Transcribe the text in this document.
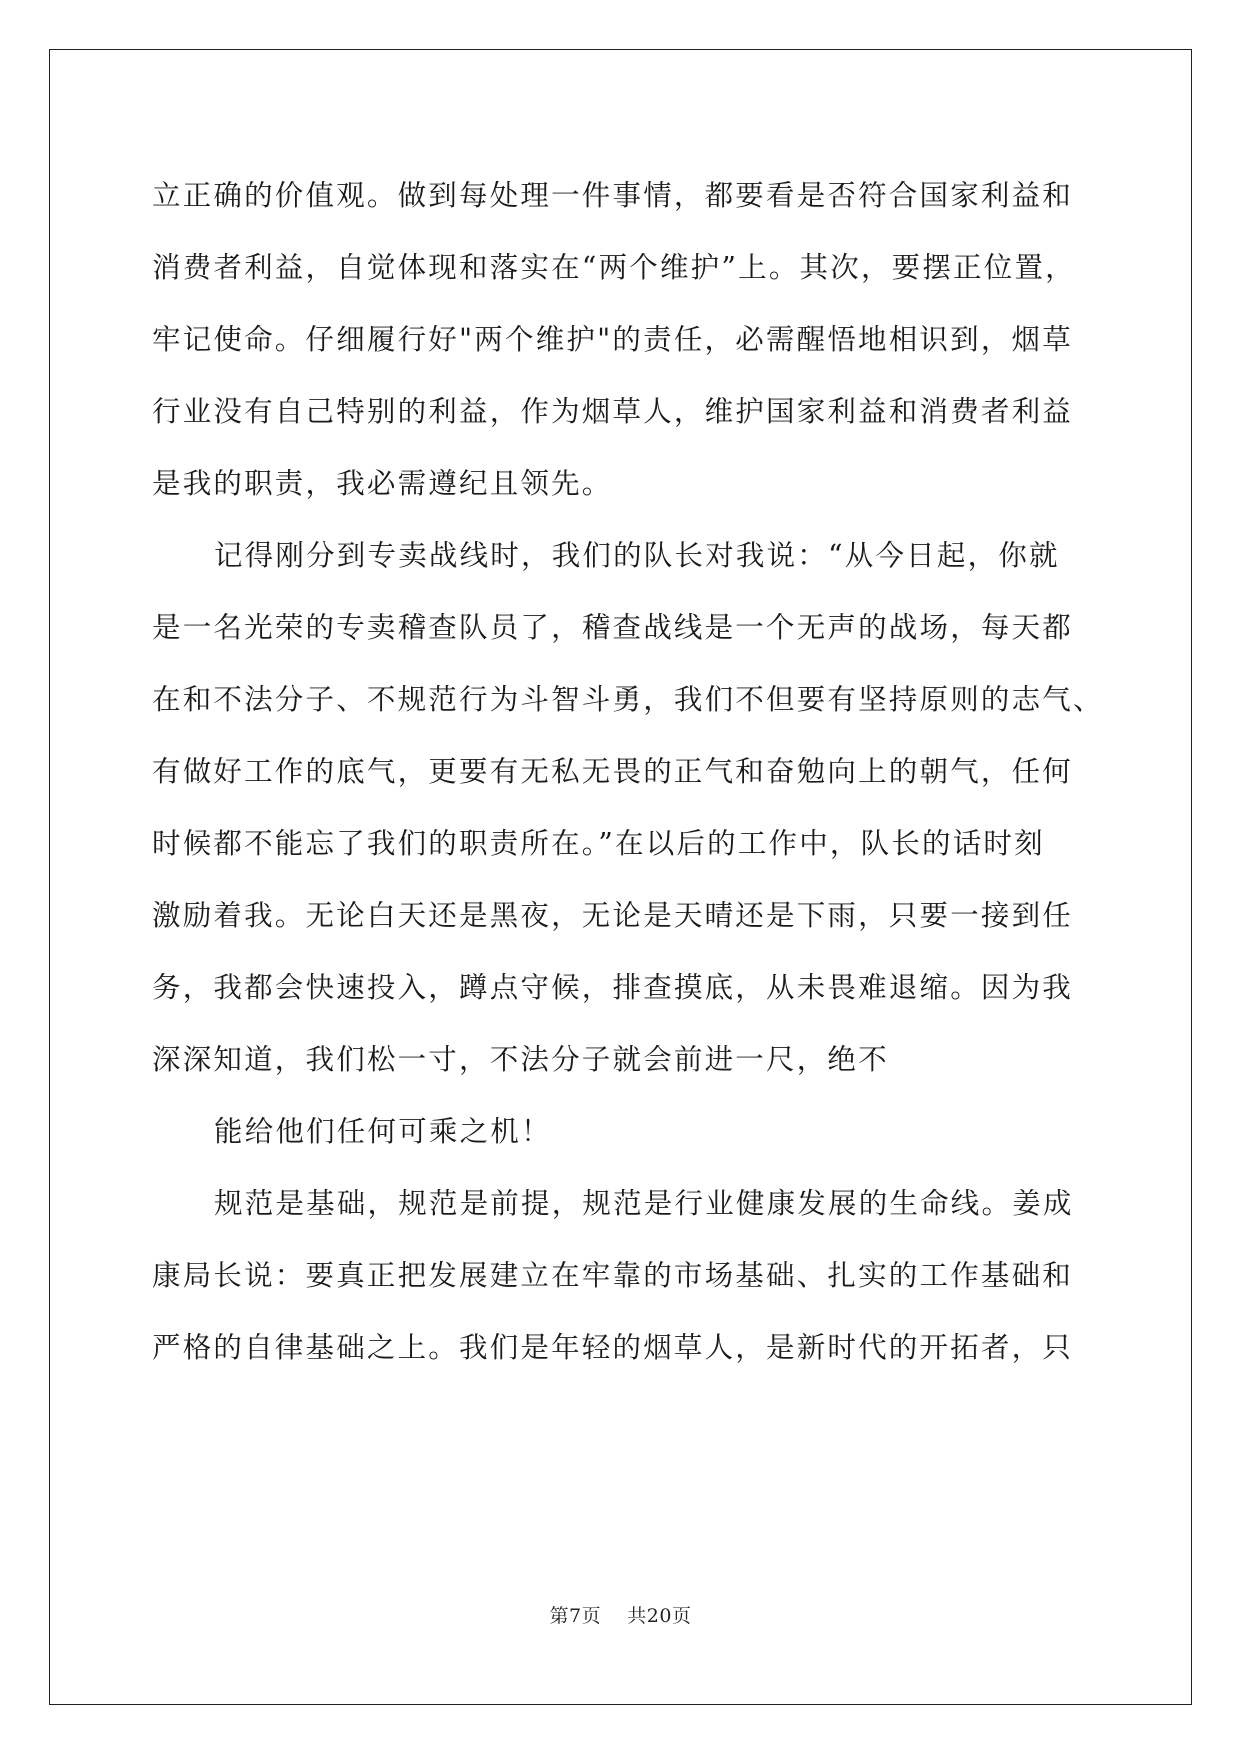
立正确的价值观。做到每处理一件事情，都要看是否符合国家利益和
消费者利益，自觉体现和落实在“两个维护”上。其次，要摆正位置，
牢记使命。仔细履行好"两个维护"的责任，必需醒悟地相识到，烟草
行业没有自己特别的利益，作为烟草人，维护国家利益和消费者利益
是我的职责，我必需遵纪且领先。
记得刚分到专卖战线时，我们的队长对我说：“从今日起，你就
是一名光荣的专卖稽查队员了，稽查战线是一个无声的战场，每天都
在和不法分子、不规范行为斗智斗勇，我们不但要有坚持原则的志气、
有做好工作的底气，更要有无私无畏的正气和奋勉向上的朝气，任何
时候都不能忘了我们的职责所在。”在以后的工作中，队长的话时刻
激励着我。无论白天还是黑夜，无论是天晴还是下雨，只要一接到任
务，我都会快速投入，蹲点守候，排查摸底，从未畏难退缩。因为我
深深知道，我们松一寸，不法分子就会前进一尺，绝不
能给他们任何可乘之机！
规范是基础，规范是前提，规范是行业健康发展的生命线。姜成
康局长说：要真正把发展建立在牢靠的市场基础、扎实的工作基础和
严格的自律基础之上。我们是年轻的烟草人，是新时代的开拓者，只
第7页 共20页
